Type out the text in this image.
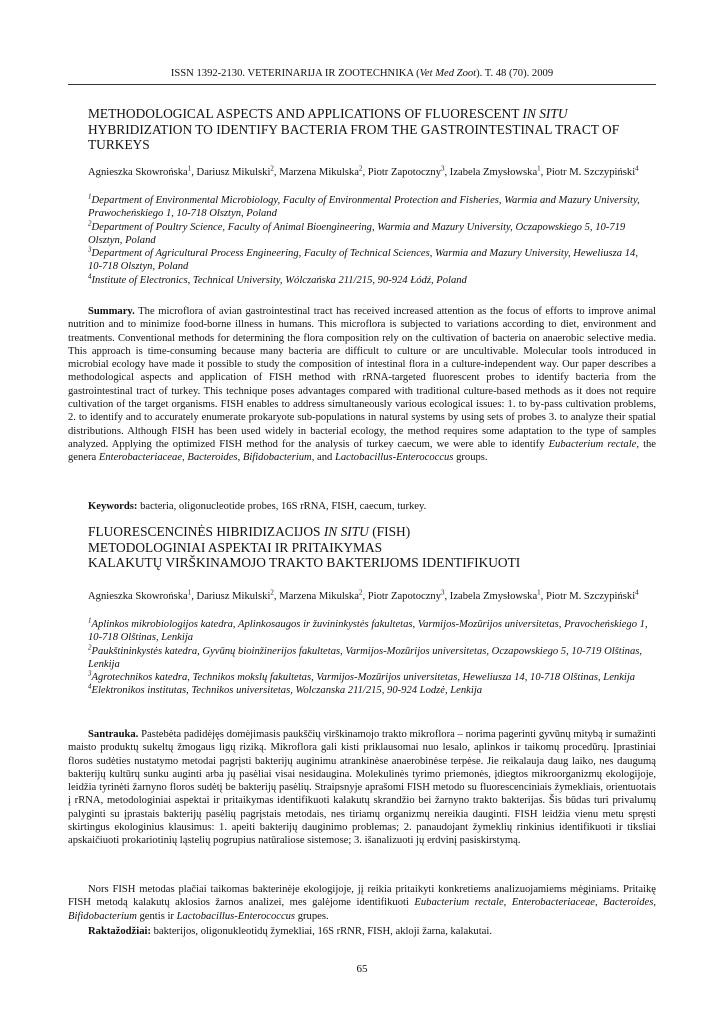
ISSN 1392-2130. VETERINARIJA IR ZOOTECHNIKA (Vet Med Zoot). T. 48 (70). 2009
METHODOLOGICAL ASPECTS AND APPLICATIONS OF FLUORESCENT IN SITU HYBRIDIZATION TO IDENTIFY BACTERIA FROM THE GASTROINTESTINAL TRACT OF TURKEYS
Agnieszka Skowrońska$^1$, Dariusz Mikulski$^2$, Marzena Mikulska$^2$, Piotr Zapotoczny$^3$, Izabela Zmysłowska$^1$, Piotr M. Szczypiński$^4$
$^1$Department of Environmental Microbiology, Faculty of Environmental Protection and Fisheries, Warmia and Mazury University, Prawocheńskiego 1, 10-718 Olsztyn, Poland
$^2$Department of Poultry Science, Faculty of Animal Bioengineering, Warmia and Mazury University, Oczapowskiego 5, 10-719 Olsztyn, Poland
$^3$Department of Agricultural Process Engineering, Faculty of Technical Sciences, Warmia and Mazury University, Heweliusza 14, 10-718 Olsztyn, Poland
$^4$Institute of Electronics, Technical University, Wólczańska 211/215, 90-924 Łódź, Poland
Summary. The microflora of avian gastrointestinal tract has received increased attention as the focus of efforts to improve animal nutrition and to minimize food-borne illness in humans. This microflora is subjected to variations according to diet, environment and treatments. Conventional methods for determining the flora composition rely on the cultivation of bacteria on anaerobic selective media. This approach is time-consuming because many bacteria are difficult to culture or are uncultivable. Molecular tools introduced in microbial ecology have made it possible to study the composition of intestinal flora in a culture-independent way. Our paper describes a methodological aspects and application of FISH method with rRNA-targeted fluorescent probes to identify bacteria from the gastrointestinal tract of turkey. This technique poses advantages compared with traditional culture-based methods as it does not require cultivation of the target organisms. FISH enables to address simultaneously various ecological issues: 1. to by-pass cultivation problems, 2. to identify and to accurately enumerate prokaryote sub-populations in natural systems by using sets of probes 3. to analyze their spatial distributions. Although FISH has been used widely in bacterial ecology, the method requires some adaptation to the type of samples analyzed. Applying the optimized FISH method for the analysis of turkey caecum, we were able to identify Eubacterium rectale, the genera Enterobacteriaceae, Bacteroides, Bifidobacterium, and Lactobacillus-Enterococcus groups.
Keywords: bacteria, oligonucleotide probes, 16S rRNA, FISH, caecum, turkey.
FLUORESCENCINĖS HIBRIDIZACIJOS IN SITU (FISH)
METODOLOGINIAI ASPEKTAI IR PRITAIKYMAS
KALAKUTŲ VIRŠKINAMOJO TRAKTO BAKTERIJOMS IDENTIFIKUOTI
Agnieszka Skowrońska$^1$, Dariusz Mikulski$^2$, Marzena Mikulska$^2$, Piotr Zapotoczny$^3$, Izabela Zmysłowska$^1$, Piotr M. Szczypiński$^4$
$^1$Aplinkos mikrobiologijos katedra, Aplinkosaugos ir žuvininkystės fakultetas, Varmijos-Mozūrijos universitetas, Pravocheńskiego 1, 10-718 Olštinas, Lenkija
$^2$Paukštininkystės katedra, Gyvūnų bioinžinerijos fakultetas, Varmijos-Mozūrijos universitetas, Oczapowskiego 5, 10-719 Olštinas, Lenkija
$^3$Agrotechnikos katedra, Technikos mokslų fakultetas, Varmijos-Mozūrijos universitetas, Heweliusza 14, 10-718 Olštinas, Lenkija
$^4$Elektronikos institutas, Technikos universitetas, Wolczanska 211/215, 90-924 Lodzė, Lenkija
Santrauka. Pastebėta padidėjęs domėjimasis paukščių virškinamojo trakto mikroflora – norima pagerinti gyvūnų mitybą ir sumažinti maisto produktų sukeltų žmogaus ligų riziką. Mikroflora gali kisti priklausomai nuo lesalo, aplinkos ir taikomų procedūrų. Įprastiniai floros sudėties nustatymo metodai pagrįsti bakterijų auginimu atrankinėse anaerobinėse terpėse. Jie reikalauja daug laiko, nes daugumą bakterijų kultūrų sunku auginti arba jų pasėliai visai nesidaugina. Molekulinės tyrimo priemonės, įdiegtos mikroorganizmų ekologijoje, leidžia tyrinėti žarnyno floros sudėtį be bakterijų pasėlių. Straipsnyje aprašomi FISH metodo su fluorescenciniais žymekliais, orientuotais į rRNA, metodologiniai aspektai ir pritaikymas identifikuoti kalakutų skrandžio bei žarnyno trakto bakterijas. Šis būdas turi privalumų palyginti su įprastais bakterijų pasėlių pagrįstais metodais, nes tiriamų organizmų nereikia dauginti. FISH leidžia vienu metu spręsti skirtingus ekologinius klausimus: 1. apeiti bakterijų dauginimo problemas; 2. panaudojant žymeklių rinkinius identifikuoti ir tiksliai apskaičiuoti prokariotinių ląstelių pogrupius natūraliose sistemose; 3. išanalizuoti jų erdvinį pasiskirstymą.
Nors FISH metodas plačiai taikomas bakterinėje ekologijoje, jį reikia pritaikyti konkretiems analizuojamiems mėginiams. Pritaikę FISH metodą kalakutų aklosios žarnos analizei, mes galėjome identifikuoti Eubacterium rectale, Enterobacteriaceae, Bacteroides, Bifidobacterium gentis ir Lactobacillus-Enterococcus grupes.
Raktažodžiai: bakterijos, oligonukleotidų žymekliai, 16S rRNR, FISH, akloji žarna, kalakutai.
65
